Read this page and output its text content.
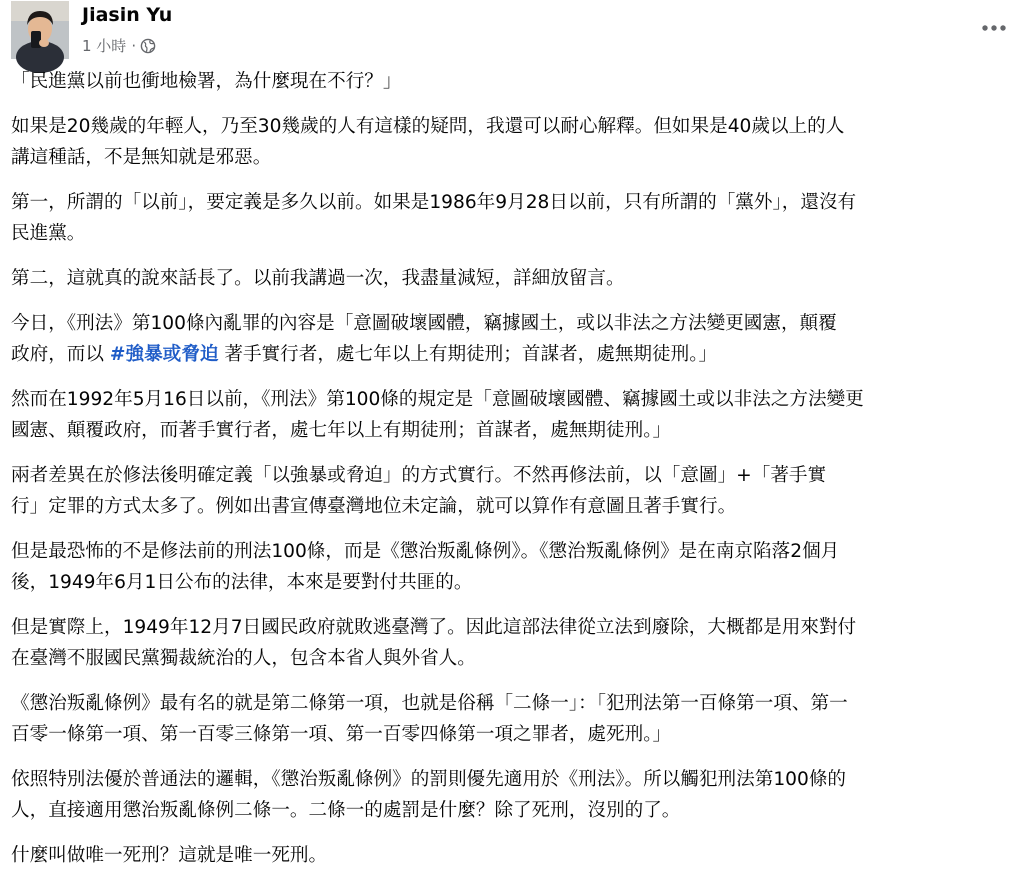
Jiasin Yu
1 小時 ·

「民進黨以前也衝地檢署，為什麼現在不行？」

如果是20幾歲的年輕人，乃至30幾歲的人有這樣的疑問，我還可以耐心解釋。但如果是40歲以上的人
講這種話，不是無知就是邪惡。

第一，所謂的「以前」，要定義是多久以前。如果是1986年9月28日以前，只有所謂的「黨外」，還沒有
民進黨。

第二，這就真的說來話長了。以前我講過一次，我盡量減短，詳細放留言。

今日，《刑法》第100條內亂罪的內容是「意圖破壞國體，竊據國土，或以非法之方法變更國憲，顛覆
政府，而以 #強暴或脅迫 著手實行者，處七年以上有期徒刑；首謀者，處無期徒刑。」

然而在1992年5月16日以前，《刑法》第100條的規定是「意圖破壞國體、竊據國土或以非法之方法變更
國憲、顛覆政府，而著手實行者，處七年以上有期徒刑；首謀者，處無期徒刑。」

兩者差異在於修法後明確定義「以強暴或脅迫」的方式實行。不然再修法前，以「意圖」+「著手實
行」定罪的方式太多了。例如出書宣傳臺灣地位未定論，就可以算作有意圖且著手實行。

但是最恐怖的不是修法前的刑法100條，而是《懲治叛亂條例》。《懲治叛亂條例》是在南京陷落2個月
後，1949年6月1日公布的法律，本來是要對付共匪的。

但是實際上，1949年12月7日國民政府就敗逃臺灣了。因此這部法律從立法到廢除，大概都是用來對付
在臺灣不服國民黨獨裁統治的人，包含本省人與外省人。

《懲治叛亂條例》最有名的就是第二條第一項，也就是俗稱「二條一」：「犯刑法第一百條第一項、第一
百零一條第一項、第一百零三條第一項、第一百零四條第一項之罪者，處死刑。」

依照特別法優於普通法的邏輯，《懲治叛亂條例》的罰則優先適用於《刑法》。所以觸犯刑法第100條的
人，直接適用懲治叛亂條例二條一。二條一的處罰是什麼？除了死刑，沒別的了。

什麼叫做唯一死刑？這就是唯一死刑。
